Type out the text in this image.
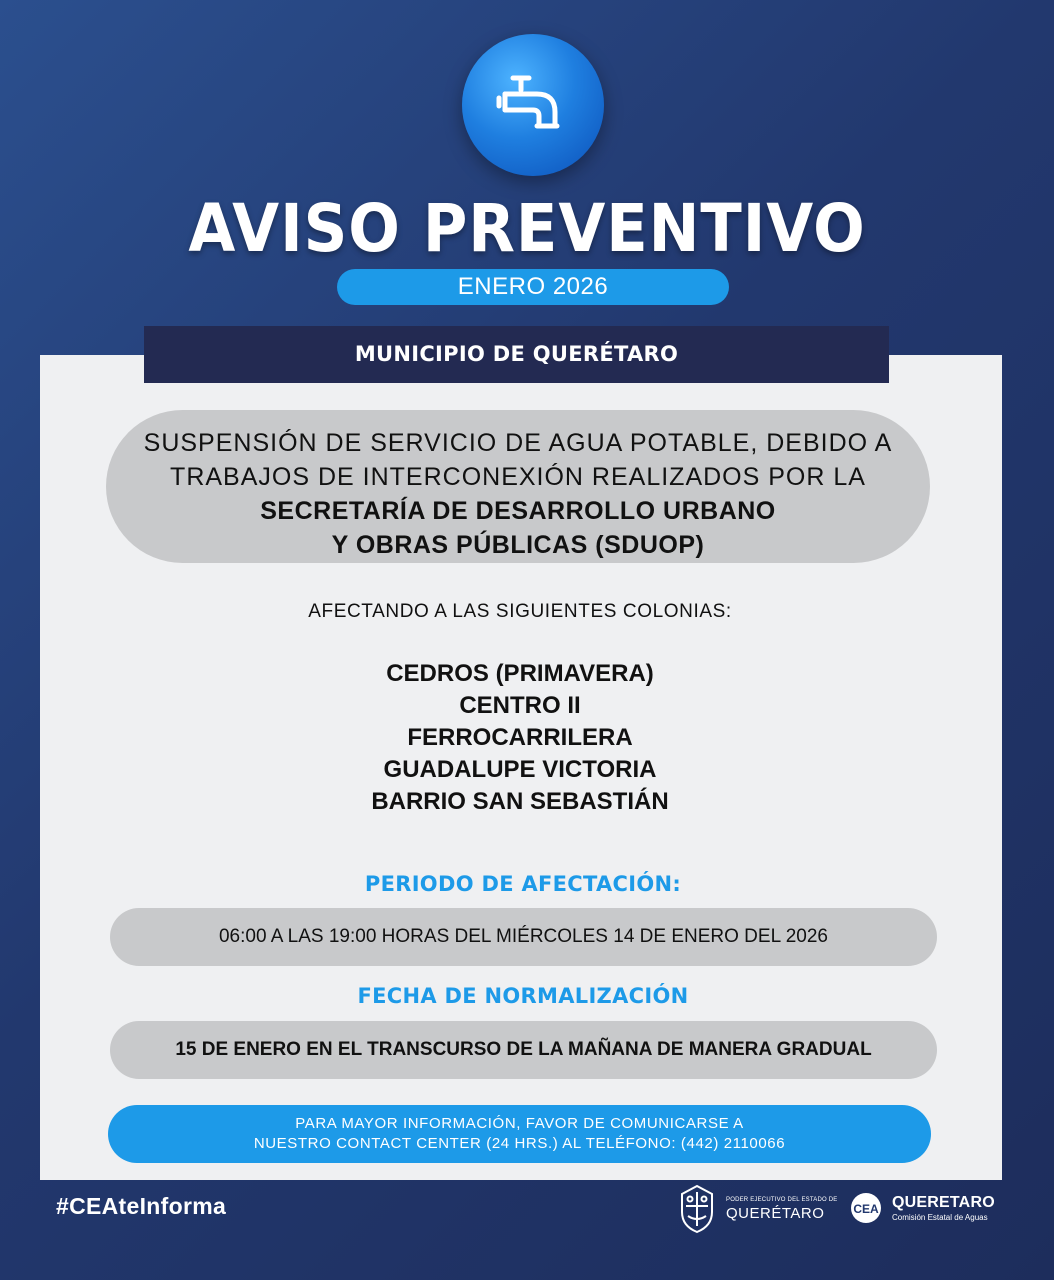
AVISO PREVENTIVO
ENERO 2026
MUNICIPIO DE QUERÉTARO
SUSPENSIÓN DE SERVICIO DE AGUA POTABLE, DEBIDO A
TRABAJOS DE INTERCONEXIÓN REALIZADOS POR LA
SECRETARÍA DE DESARROLLO URBANO
Y OBRAS PÚBLICAS (SDUOP)
AFECTANDO A LAS SIGUIENTES COLONIAS:
CEDROS (PRIMAVERA)
CENTRO II
FERROCARRILERA
GUADALUPE VICTORIA
BARRIO SAN SEBASTIÁN
PERIODO DE AFECTACIÓN:
06:00 A LAS 19:00 HORAS DEL MIÉRCOLES 14 DE ENERO DEL 2026
FECHA DE NORMALIZACIÓN
15 DE ENERO EN EL TRANSCURSO DE LA MAÑANA DE MANERA GRADUAL
PARA MAYOR INFORMACIÓN, FAVOR DE COMUNICARSE A
NUESTRO CONTACT CENTER (24 HRS.) AL TELÉFONO: (442) 2110066
#CEAteInforma	PODER EJECUTIVO DEL ESTADO DE
QUERÉTARO	CEA QUERETARO
Comisión Estatal de Aguas
